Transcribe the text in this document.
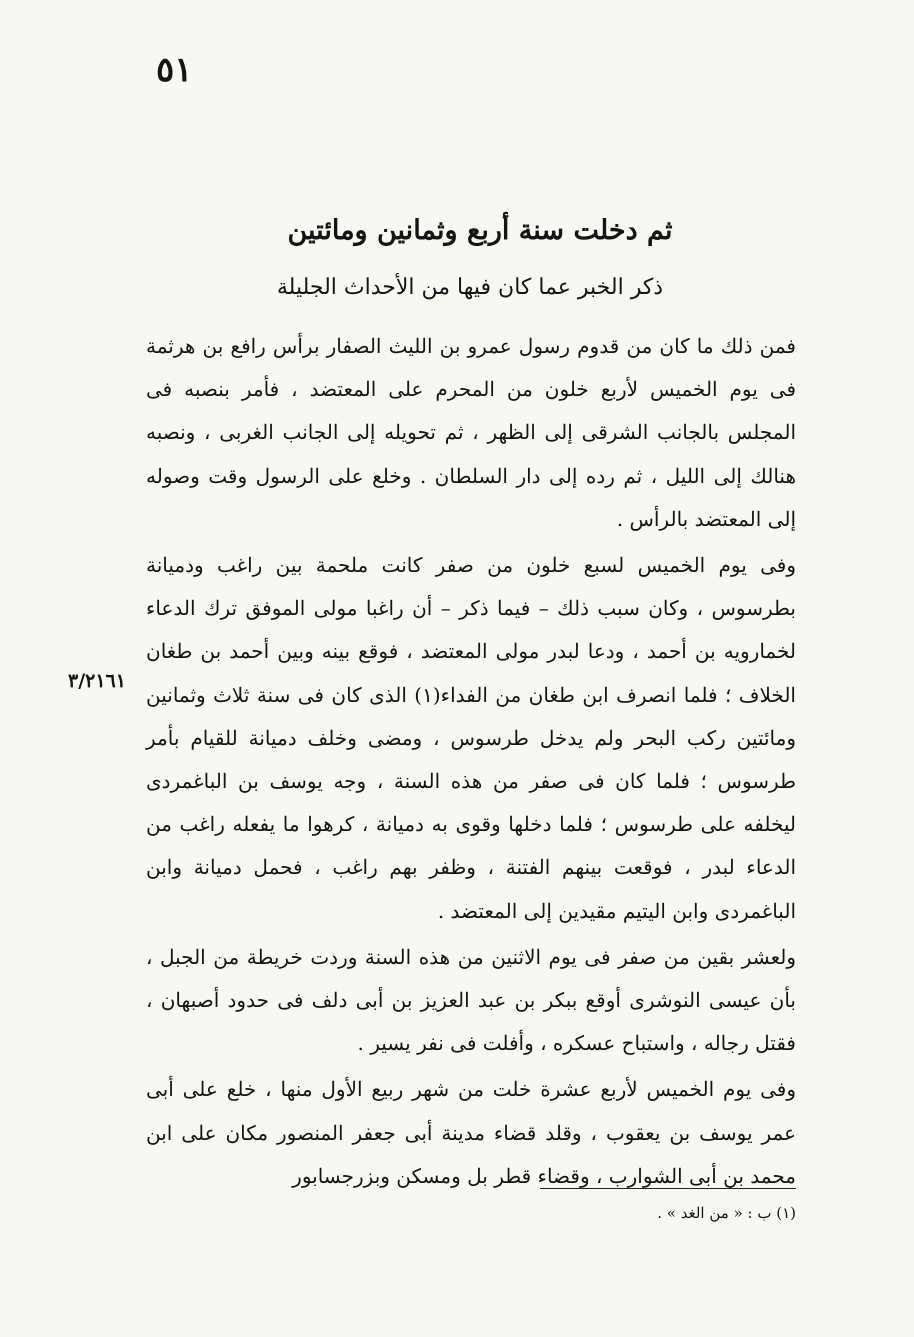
٥١
ثم دخلت سنة أربع وثمانين ومائتين
ذكر الخبر عما كان فيها من الأحداث الجليلة
٣/٢١٦١

فمن ذلك ما كان من قدوم رسول عمرو بن الليث الصفار برأس رافع بن هرثمة فى يوم الخميس لأربع خلون من المحرم على المعتضد ، فأمر بنصبه فى المجلس بالجانب الشرقى إلى الظهر ، ثم تحويله إلى الجانب الغربى ، ونصبه هنالك إلى الليل ، ثم رده إلى دار السلطان . وخلع على الرسول وقت وصوله إلى المعتضد بالرأس .

وفى يوم الخميس لسبع خلون من صفر كانت ملحمة بين راغب ودميانة بطرسوس ، وكان سبب ذلك – فيما ذكر – أن راغبا مولى الموفق ترك الدعاء لخمارويه بن أحمد ، ودعا لبدر مولى المعتضد ، فوقع بينه وبين أحمد بن طغان الخلاف ؛ فلما انصرف ابن طغان من الفداء(١) الذى كان فى سنة ثلاث وثمانين ومائتين ركب البحر ولم يدخل طرسوس ، ومضى وخلف دميانة للقيام بأمر طرسوس ؛ فلما كان فى صفر من هذه السنة ، وجه يوسف بن الباغمردى ليخلفه على طرسوس ؛ فلما دخلها وقوى به دميانة ، كرهوا ما يفعله راغب من الدعاء لبدر ، فوقعت بينهم الفتنة ، وظفر بهم راغب ، فحمل دميانة وابن الباغمردى وابن اليتيم مقيدين إلى المعتضد .

ولعشر بقين من صفر فى يوم الاثنين من هذه السنة وردت خريطة من الجبل ، بأن عيسى النوشرى أوقع ببكر بن عبد العزيز بن أبى دلف فى حدود أصبهان ، فقتل رجاله ، واستباح عسكره ، وأفلت فى نفر يسير .

وفى يوم الخميس لأربع عشرة خلت من شهر ربيع الأول منها ، خلع على أبى عمر يوسف بن يعقوب ، وقلد قضاء مدينة أبى جعفر المنصور مكان على ابن محمد بن أبى الشوارب ، وقضاء قطر بل ومسكن وبزرجسابور

(١) ب : « من الغد » .
